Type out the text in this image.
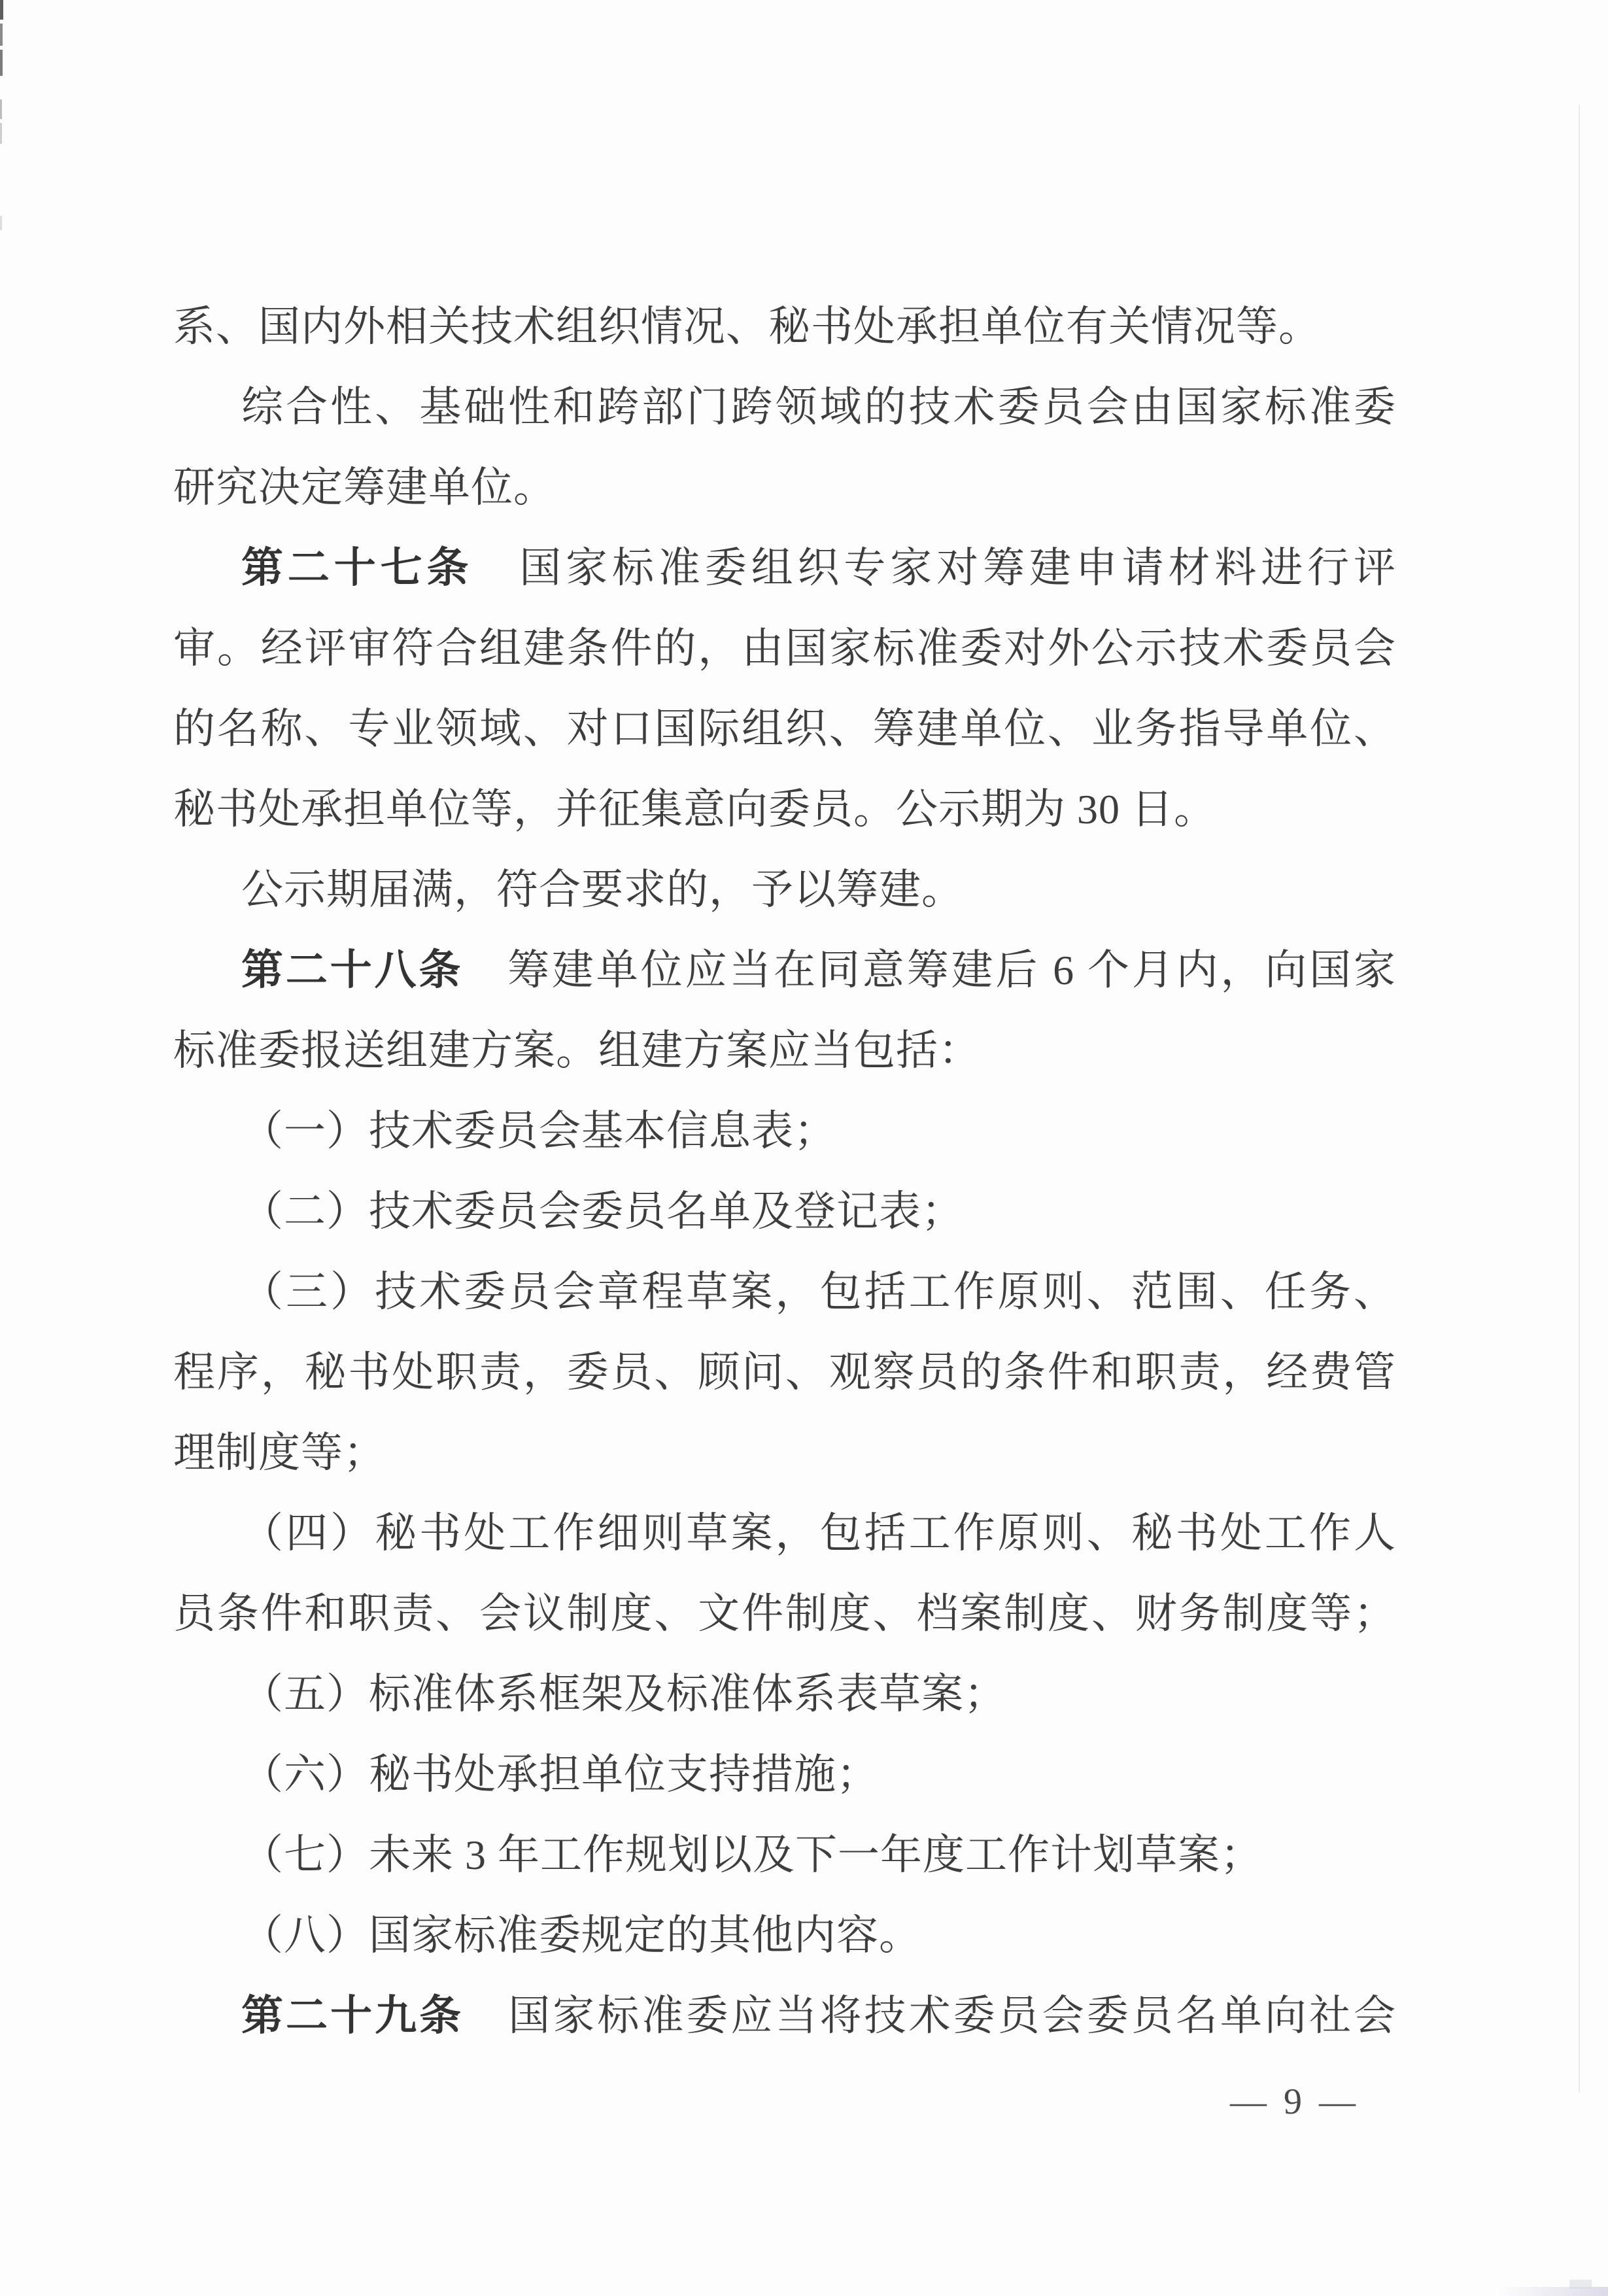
系、国内外相关技术组织情况、秘书处承担单位有关情况等。
综合性、基础性和跨部门跨领域的技术委员会由国家标准委
研究决定筹建单位。
第二十七条　国家标准委组织专家对筹建申请材料进行评
审。经评审符合组建条件的，由国家标准委对外公示技术委员会
的名称、专业领域、对口国际组织、筹建单位、业务指导单位、
秘书处承担单位等，并征集意向委员。公示期为 30 日。
公示期届满，符合要求的，予以筹建。
第二十八条　筹建单位应当在同意筹建后 6 个月内，向国家
标准委报送组建方案。组建方案应当包括：
（一）技术委员会基本信息表；
（二）技术委员会委员名单及登记表；
（三）技术委员会章程草案，包括工作原则、范围、任务、
程序，秘书处职责，委员、顾问、观察员的条件和职责，经费管
理制度等；
（四）秘书处工作细则草案，包括工作原则、秘书处工作人
员条件和职责、会议制度、文件制度、档案制度、财务制度等；
（五）标准体系框架及标准体系表草案；
（六）秘书处承担单位支持措施；
（七）未来 3 年工作规划以及下一年度工作计划草案；
（八）国家标准委规定的其他内容。
第二十九条　国家标准委应当将技术委员会委员名单向社会
— 9 —
